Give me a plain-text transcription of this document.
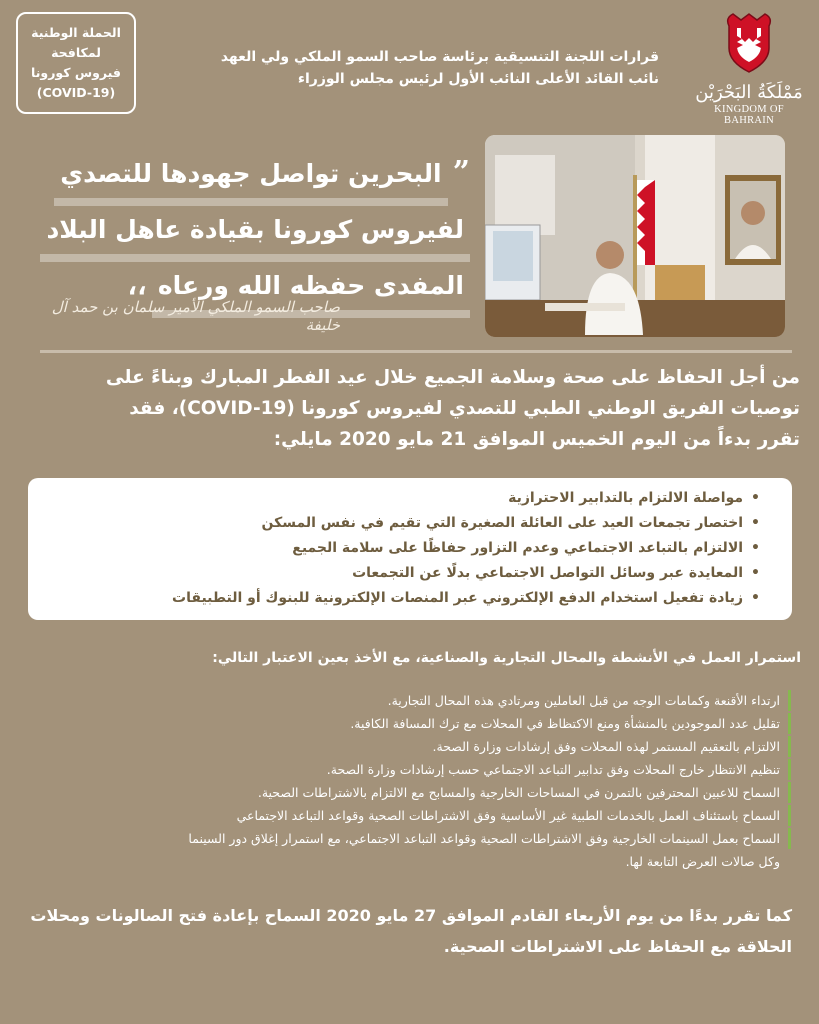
الحملة الوطنية
لمكافحة
فيروس كورونا
(COVID-19)
قرارات اللجنة التنسيقية برئاسة صاحب السمو الملكي ولي العهد
نائب القائد الأعلى النائب الأول لرئيس مجلس الوزراء
مَمْلَكَةُ البَحْرَيْن
KINGDOM OF BAHRAIN
” البحرين تواصل جهودها للتصدي
لفيروس كورونا بقيادة عاهل البلاد
المفدى حفظه الله ورعاه ،،
صاحب السمو الملكي الأمير سلمان بن حمد آل خليفة
من أجل الحفاظ على صحة وسلامة الجميع خلال عيد الفطر المبارك وبناءً على
توصيات الفريق الوطني الطبي للتصدي لفيروس كورونا (COVID-19)، فقد
تقرر بدءاً من اليوم الخميس الموافق 21 مايو 2020 مايلي:
• مواصلة الالتزام بالتدابير الاحترازية
• اختصار تجمعات العيد على العائلة الصغيرة التي تقيم في نفس المسكن
• الالتزام بالتباعد الاجتماعي وعدم التزاور حفاظًا على سلامة الجميع
• المعايدة عبر وسائل التواصل الاجتماعي بدلًا عن التجمعات
• زيادة تفعيل استخدام الدفع الإلكتروني عبر المنصات الإلكترونية للبنوك أو التطبيقات
استمرار العمل في الأنشطة والمحال التجارية والصناعية، مع الأخذ بعين الاعتبار التالي:
ارتداء الأقنعة وكمامات الوجه من قبل العاملين ومرتادي هذه المحال التجارية.
تقليل عدد الموجودين بالمنشأة ومنع الاكتظاظ في المحلات مع ترك المسافة الكافية.
الالتزام بالتعقيم المستمر لهذه المحلات وفق إرشادات وزارة الصحة.
تنظيم الانتظار خارج المحلات وفق تدابير التباعد الاجتماعي حسب إرشادات وزارة الصحة.
السماح للاعبين المحترفين بالتمرن في المساحات الخارجية والمسابح مع الالتزام بالاشتراطات الصحية.
السماح باستئناف العمل بالخدمات الطبية غير الأساسية وفق الاشتراطات الصحية وقواعد التباعد الاجتماعي
السماح بعمل السينمات الخارجية وفق الاشتراطات الصحية وقواعد التباعد الاجتماعي، مع استمرار إغلاق دور السينما
وكل صالات العرض التابعة لها.
كما تقرر بدءًا من يوم الأربعاء القادم الموافق 27 مايو 2020 السماح بإعادة فتح الصالونات ومحلات
الحلاقة مع الحفاظ على الاشتراطات الصحية.
